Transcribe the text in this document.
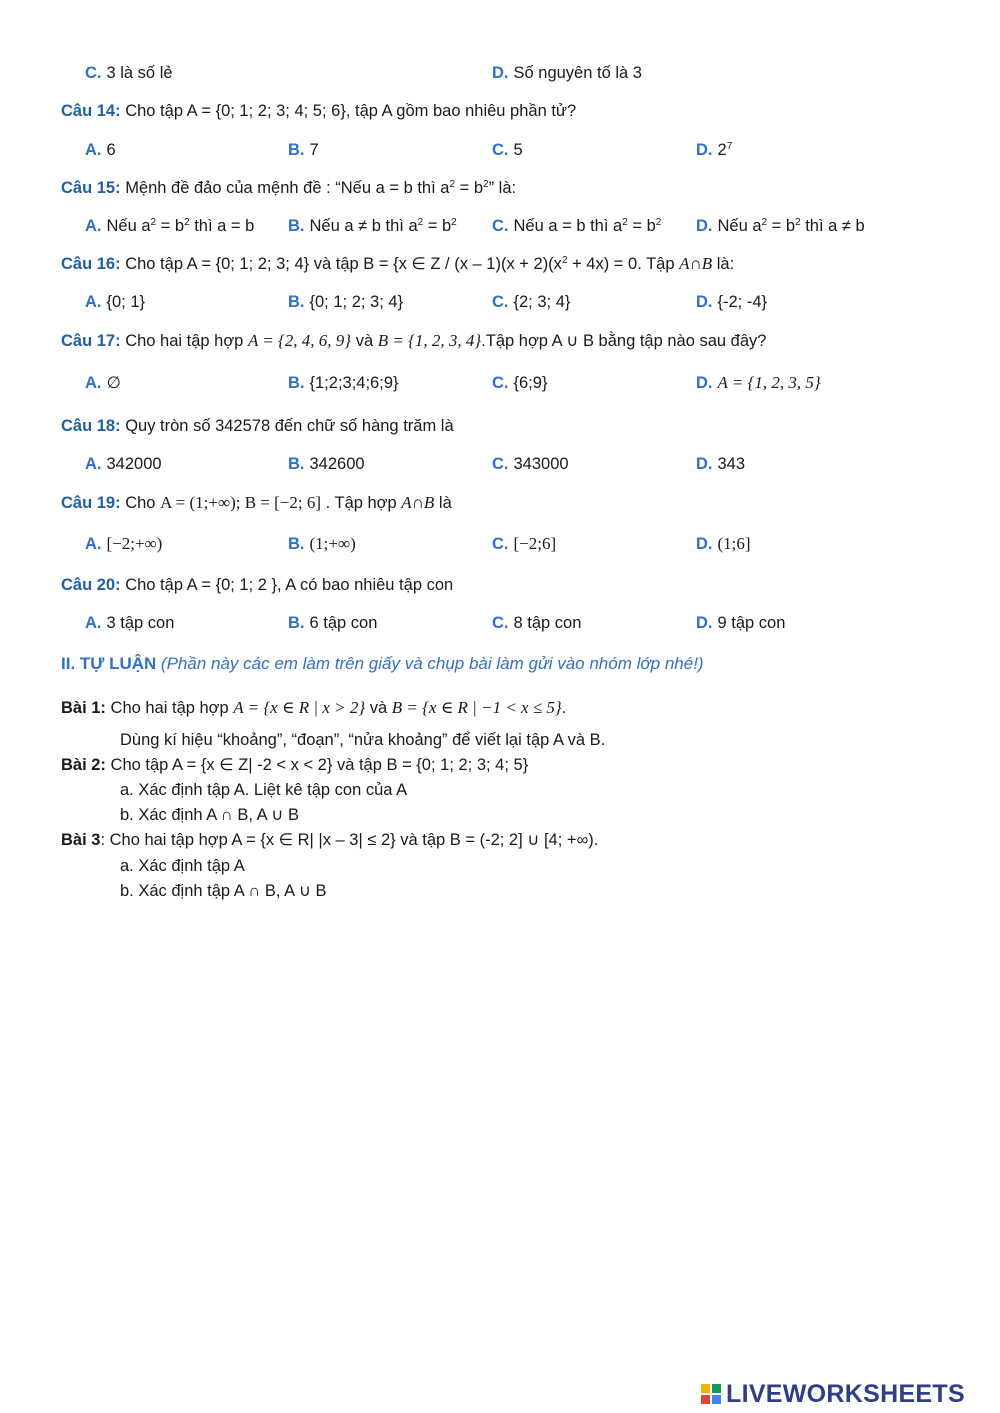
C. 3 là số lẻ	D. Số nguyên tố là 3
Câu 14: Cho tập A = {0; 1; 2; 3; 4; 5; 6}, tập A gồm bao nhiêu phần tử?
A. 6	B. 7	C. 5	D. $2^7$
Câu 15: Mệnh đề đảo của mệnh đề : “Nếu a = b thì $a^2 = b^2$” là:
A. Nếu $a^2 = b^2$ thì a = b B. Nếu a ≠ b thì $a^2 = b^2$ C. Nếu a = b thì $a^2 = b^2$ D. Nếu $a^2 = b^2$ thì a ≠ b
Câu 16: Cho tập A = {0; 1; 2; 3; 4} và tập B = {x ∈ $Z / (x - 1)(x + 2)(x^2 + 4x) = 0$. Tập A∩B là:
A. {0; 1}	B. {0; 1; 2; 3; 4}	C. {2; 3; 4}	D. {-2; -4}
Câu 17: Cho hai tập hợp A = {2, 4, 6, 9} và B = {1, 2, 3, 4}.Tập hợp A ∪ B bằng tập nào sau đây?
A. ∅	B. {1;2;3;4;6;9}	C. {6;9}	D. A = {1, 2, 3, 5}
Câu 18: Quy tròn số 342578 đến chữ số hàng trăm là
A. 342000	B. 342600	C. 343000	D. 343
Câu 19: Cho A = (1;+∞); B = [−2; 6] . Tập hợp A∩B là
A. [−2;+∞)	B. (1;+∞)	C. [−2;6]	D. (1;6]
Câu 20: Cho tập A = {0; 1; 2 }, A có bao nhiêu tập con
A. 3 tập con	B. 6 tập con	C. 8 tập con	D. 9 tập con
II. TỰ LUẬN (Phần này các em làm trên giấy và chụp bài làm gửi vào nhóm lớp nhé!)
Bài 1: Cho hai tập hợp A = {x ∈ R | x > 2} và B = {x ∈ R | −1 < x ≤ 5}.
Dùng kí hiệu “khoảng”, “đoạn”, “nửa khoảng” để viết lại tập A và B.
Bài 2: Cho tập A = {x ∈ Z| -2 < x < 2} và tập B = {0; 1; 2; 3; 4; 5}
a. Xác định tập A. Liệt kê tập con của A
b. Xác định A ∩ B, A ∪ B
Bài 3: Cho hai tập hợp A = {x ∈ R| |x – 3| ≤ 2} và tập B = (-2; 2] ∪ [4; +∞).
a. Xác định tập A
b. Xác định tập A ∩ B, A ∪ B
LIVEWORKSHEETS
